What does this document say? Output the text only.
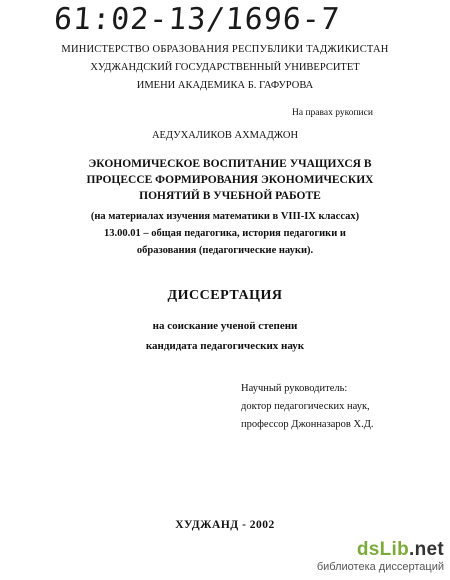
61:02-13/1696-7
МИНИСТЕРСТВО ОБРАЗОВАНИЯ РЕСПУБЛИКИ ТАДЖИКИСТАН
ХУДЖАНДСКИЙ ГОСУДАРСТВЕННЫЙ УНИВЕРСИТЕТ
ИМЕНИ АКАДЕМИКА Б. ГАФУРОВА
На правах рукописи
АЕДУХАЛИКОВ АХМАДЖОН
ЭКОНОМИЧЕСКОЕ ВОСПИТАНИЕ УЧАЩИХСЯ В
ПРОЦЕССЕ ФОРМИРОВАНИЯ ЭКОНОМИЧЕСКИХ
ПОНЯТИЙ В УЧЕБНОЙ РАБОТЕ
(на материалах изучения математики в VIII-IX классах)
13.00.01 – общая педагогика, история педагогики и
образования (педагогические науки).
ДИССЕРТАЦИЯ
на соискание ученой степени
кандидата педагогических наук
Научный руководитель:
доктор педагогических наук,
профессор Джонназаров Х.Д.
ХУДЖАНД - 2002
dsLib.net
библиотека диссертаций
